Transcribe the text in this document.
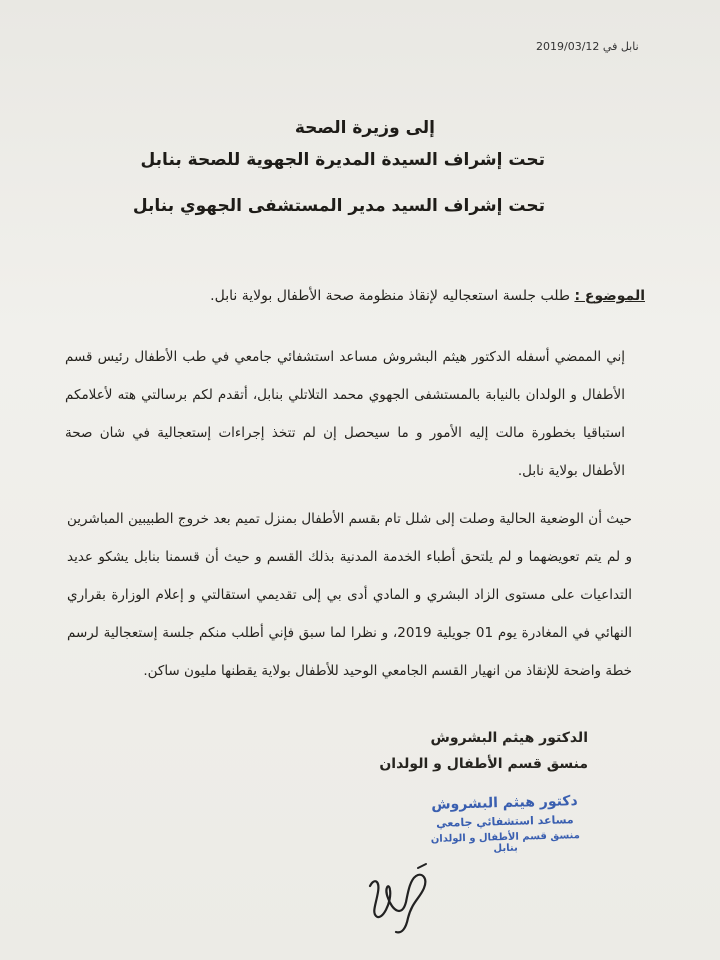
نابل في 2019/03/12
إلى وزيرة الصحة
تحت إشراف السيدة المديرة الجهوية للصحة بنابل
تحت إشراف السيد مدير المستشفى الجهوي بنابل
الموضوع : طلب جلسة استعجاليه لإنقاذ منظومة صحة الأطفال بولاية نابل.
إني الممضي أسفله الدكتور هيثم البشروش مساعد استشفائي جامعي في طب الأطفال رئيس قسم الأطفال و الولدان بالنيابة بالمستشفى الجهوي محمد التلاتلي بنابل، أتقدم لكم برسالتي هته لأعلامكم استباقيا بخطورة مالت إليه الأمور و ما سيحصل إن لم تتخذ إجراءات إستعجالية في شان صحة الأطفال بولاية نابل.
حيث أن الوضعية الحالية وصلت إلى شلل تام بقسم الأطفال بمنزل تميم بعد خروج الطبيبين المباشرين و لم يتم تعويضهما و لم يلتحق أطباء الخدمة المدنية بذلك القسم و حيث أن قسمنا بنابل يشكو عديد التداعيات على مستوى الزاد البشري و المادي أدى بي إلى تقديمي استقالتي و إعلام الوزارة بقراري النهائي في المغادرة يوم 01 جويلية 2019، و نظرا لما سبق فإني أطلب منكم جلسة إستعجالية لرسم خطة واضحة للإنقاذ من انهيار القسم الجامعي الوحيد للأطفال بولاية يقطنها مليون ساكن.
الدكتور هيثم البشروش
منسق قسم الأطفال و الولدان
دكتور هيثم البشروش
مساعد استشفائي جامعي
منسق قسم الأطفال و الولدان بنابل
